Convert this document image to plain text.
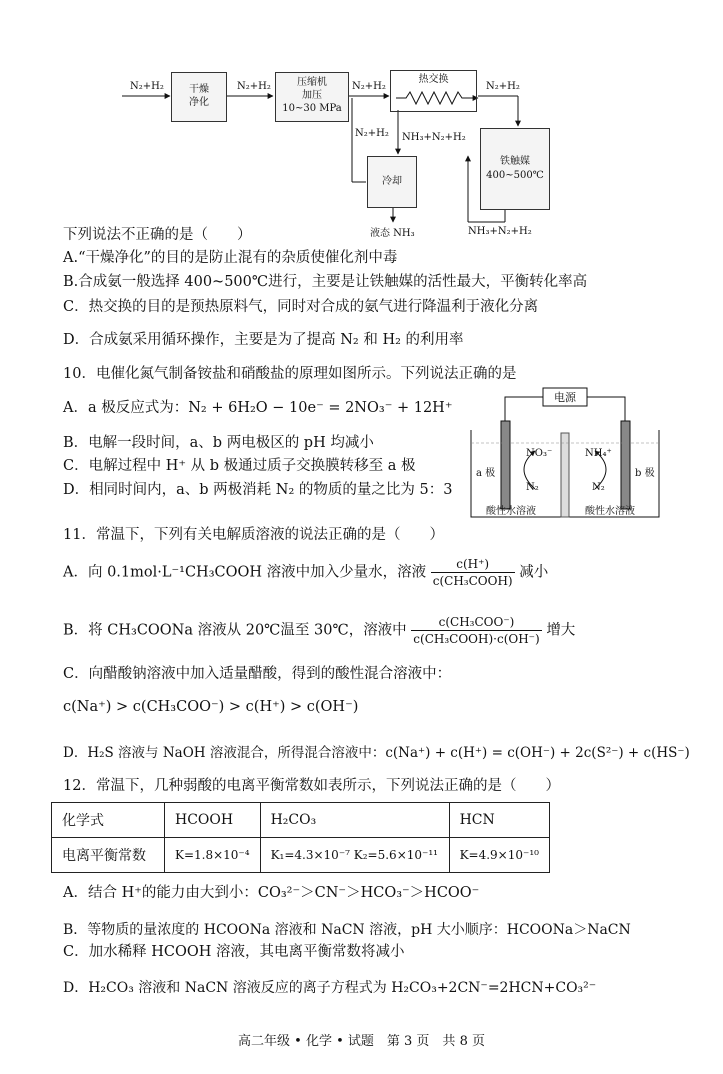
干燥
净化
压缩机
加压
10~30 MPa
热交换
冷却
铁触媒
400~500℃
N₂+H₂	N₂+H₂	N₂+H₂	N₂+H₂
N₂+H₂ NH₃+N₂+H₂
液态 NH₃	NH₃+N₂+H₂
下列说法不正确的是（　　）
A.“干燥净化”的目的是防止混有的杂质使催化剂中毒
B.合成氨一般选择 400~500℃进行，主要是让铁触媒的活性最大，平衡转化率高
C．热交换的目的是预热原料气，同时对合成的氨气进行降温利于液化分离
D．合成氨采用循环操作，主要是为了提高 N₂ 和 H₂ 的利用率
10．电催化氮气制备铵盐和硝酸盐的原理如图所示。下列说法正确的是
A．a 极反应式为：N₂ + 6H₂O − 10e⁻ = 2NO₃⁻ + 12H⁺
B．电解一段时间，a、b 两电极区的 pH 均减小
C．电解过程中 H⁺ 从 b 极通过质子交换膜转移至 a 极
D．相同时间内，a、b 两极消耗 N₂ 的物质的量之比为 5：3
电源
a 极	b 极
NO₃⁻	NH₄⁺
N₂	N₂
酸性水溶液	酸性水溶液
11．常温下，下列有关电解质溶液的说法正确的是（　　）
A．向 0.1mol·L⁻¹CH₃COOH 溶液中加入少量水，溶液 $\frac{c(H^+)}{\text{c(CH₃COOH)}}$ 减小
B．将 CH₃COONa 溶液从 20℃温至 30℃，溶液中 $\frac{\text{c(CH₃COO⁻)}}{\text{c(CH₃COOH)·c(OH⁻)}}$ 增大
C．向醋酸钠溶液中加入适量醋酸，得到的酸性混合溶液中：
c(Na⁺) > c(CH₃COO⁻) > c(H⁺) > c(OH⁻)
D．H₂S 溶液与 NaOH 溶液混合，所得混合溶液中：c(Na⁺) + c(H⁺) = c(OH⁻) + 2c(S²⁻) + c(HS⁻)
12．常温下，几种弱酸的电离平衡常数如表所示，下列说法正确的是（　　）
化学式	HCOOH	H₂CO₃	HCN
电离平衡常数	K=1.8×10⁻⁴	K₁=4.3×10⁻⁷ K₂=5.6×10⁻¹¹	K=4.9×10⁻¹⁰
A．结合 H⁺的能力由大到小：CO₃²⁻＞CN⁻＞HCO₃⁻＞HCOO⁻
B．等物质的量浓度的 HCOONa 溶液和 NaCN 溶液，pH 大小顺序：HCOONa＞NaCN
C．加水稀释 HCOOH 溶液，其电离平衡常数将减小
D．H₂CO₃ 溶液和 NaCN 溶液反应的离子方程式为 H₂CO₃+2CN⁻=2HCN+CO₃²⁻
高二年级 • 化学 • 试题　第 3 页　共 8 页
